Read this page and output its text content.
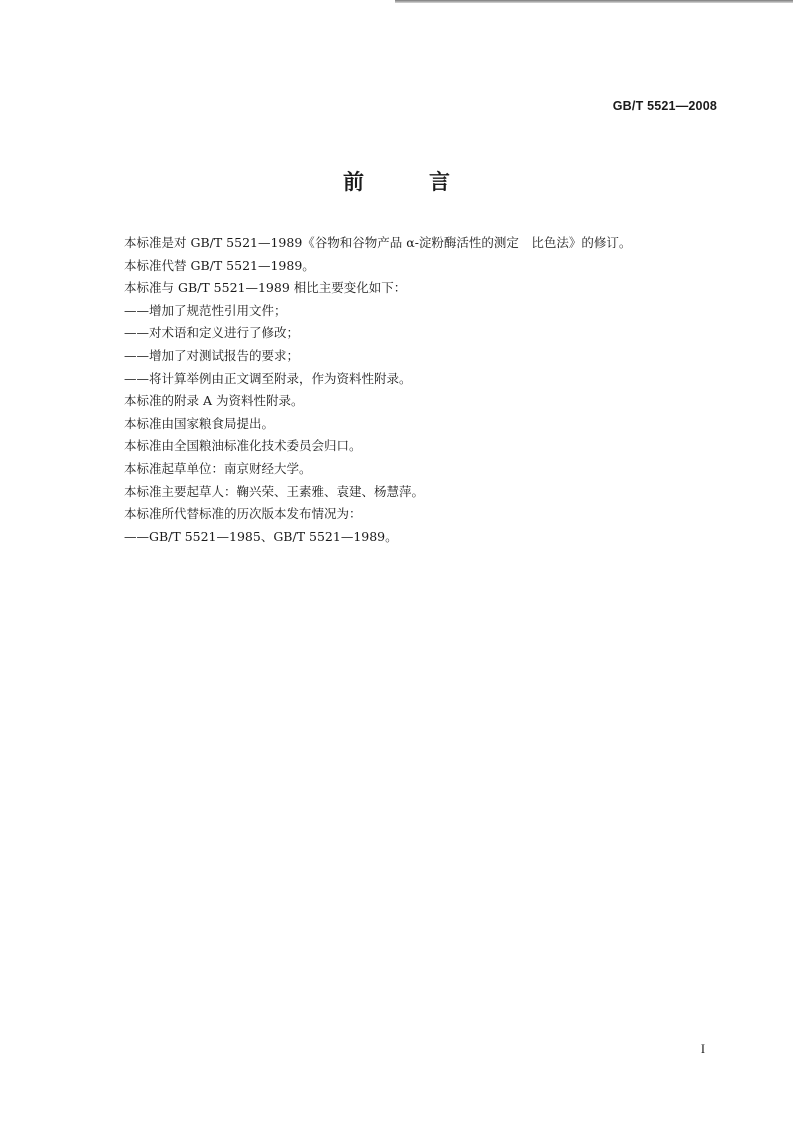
GB/T 5521—2008
前　言
本标准是对 GB/T 5521—1989《谷物和谷物产品 α-淀粉酶活性的测定　比色法》的修订。
本标准代替 GB/T 5521—1989。
本标准与 GB/T 5521—1989 相比主要变化如下：
——增加了规范性引用文件；
——对术语和定义进行了修改；
——增加了对测试报告的要求；
——将计算举例由正文调至附录，作为资料性附录。
本标准的附录 A 为资料性附录。
本标准由国家粮食局提出。
本标准由全国粮油标准化技术委员会归口。
本标准起草单位：南京财经大学。
本标准主要起草人：鞠兴荣、王素雅、袁建、杨慧萍。
本标准所代替标准的历次版本发布情况为：
——GB/T 5521—1985、GB/T 5521—1989。
I
